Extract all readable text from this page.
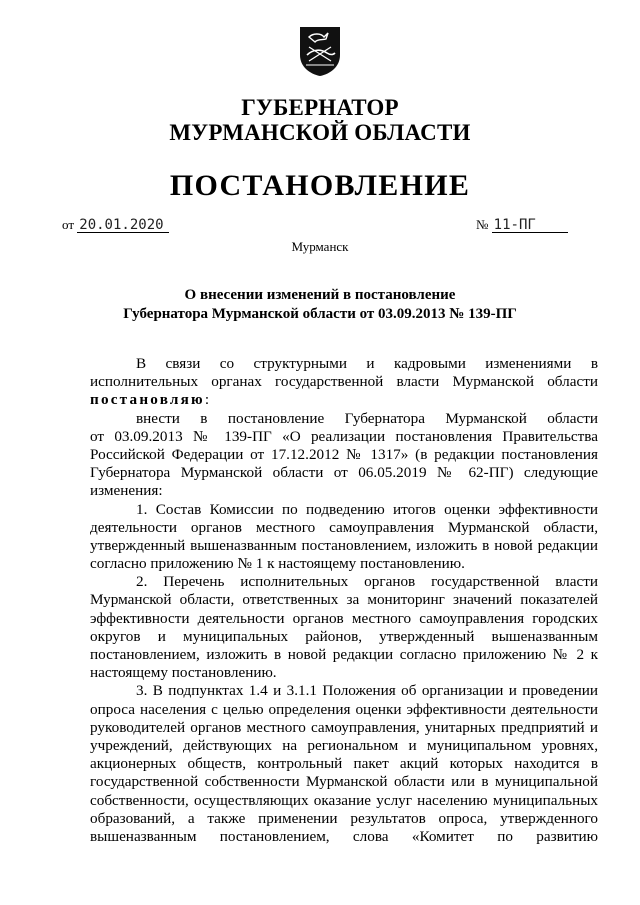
ГУБЕРНАТОР
МУРМАНСКОЙ ОБЛАСТИ
ПОСТАНОВЛЕНИЕ
от 20.01.2020	№ 11-ПГ
Мурманск
О внесении изменений в постановление
Губернатора Мурманской области от 03.09.2013 № 139-ПГ
В связи со структурными и кадровыми изменениями в
исполнительных органах государственной власти Мурманской области
постановляю:
внести в постановление Губернатора Мурманской области
от 03.09.2013 № 139-ПГ «О реализации постановления Правительства
Российской Федерации от 17.12.2012 № 1317» (в редакции постановления
Губернатора Мурманской области от 06.05.2019 № 62-ПГ) следующие
изменения:
1. Состав Комиссии по подведению итогов оценки эффективности
деятельности органов местного самоуправления Мурманской области,
утвержденный вышеназванным постановлением, изложить в новой редакции
согласно приложению № 1 к настоящему постановлению.
2. Перечень исполнительных органов государственной власти
Мурманской области, ответственных за мониторинг значений показателей
эффективности деятельности органов местного самоуправления городских
округов и муниципальных районов, утвержденный вышеназванным
постановлением, изложить в новой редакции согласно приложению № 2 к
настоящему постановлению.
3. В подпунктах 1.4 и 3.1.1 Положения об организации и проведении
опроса населения с целью определения оценки эффективности деятельности
руководителей органов местного самоуправления, унитарных предприятий и
учреждений, действующих на региональном и муниципальном уровнях,
акционерных обществ, контрольный пакет акций которых находится в
государственной собственности Мурманской области или в муниципальной
собственности, осуществляющих оказание услуг населению муниципальных
образований, а также применении результатов опроса, утвержденного
вышеназванным постановлением, слова «Комитет по развитию
